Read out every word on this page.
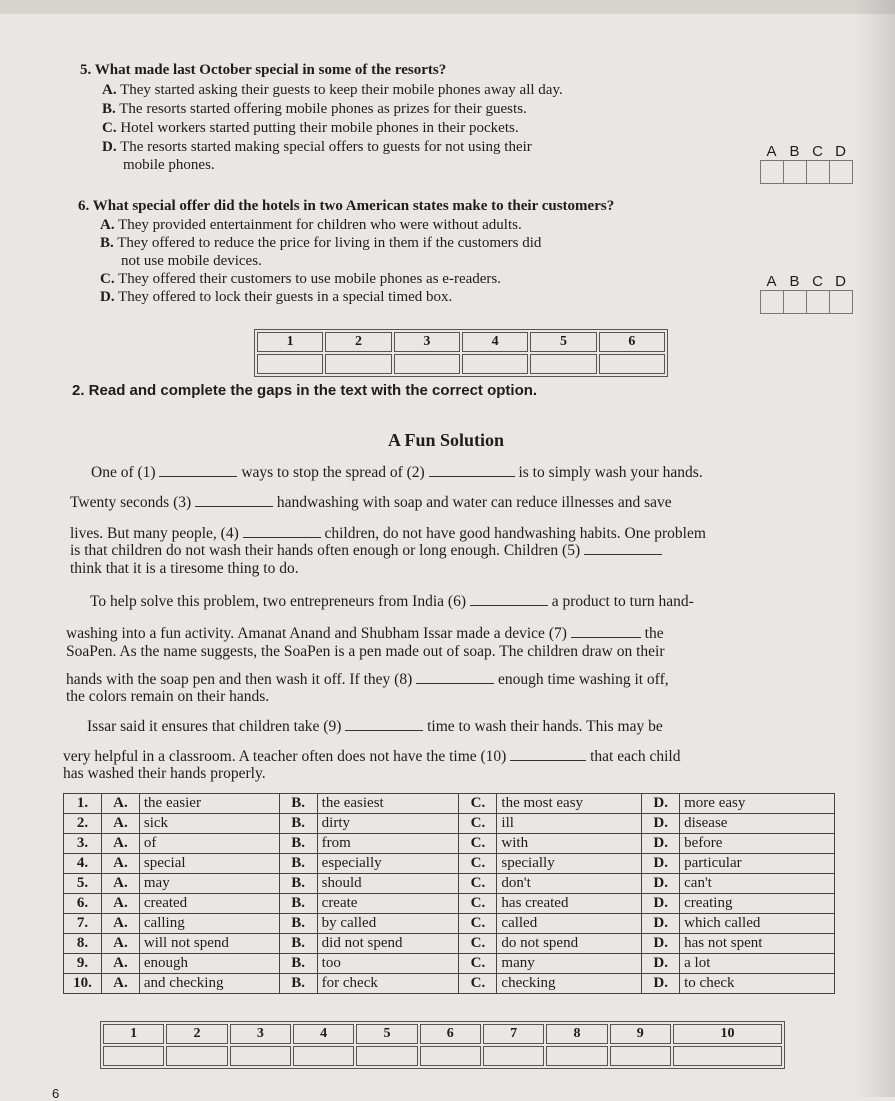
5. What made last October special in some of the resorts?
A. They started asking their guests to keep their mobile phones away all day.
B. The resorts started offering mobile phones as prizes for their guests.
C. Hotel workers started putting their mobile phones in their pockets.
D. The resorts started making special offers to guests for not using their
mobile phones.
A B C D
6. What special offer did the hotels in two American states make to their customers?
A. They provided entertainment for children who were without adults.
B. They offered to reduce the price for living in them if the customers did
not use mobile devices.
C. They offered their customers to use mobile phones as e-readers.
D. They offered to lock their guests in a special timed box.
A B C D
1	2	3	4	5	6

2. Read and complete the gaps in the text with the correct option.
A Fun Solution
One of (1)	ways to stop the spread of (2)	is to simply wash your hands.
Twenty seconds (3)	handwashing with soap and water can reduce illnesses and save
lives. But many people, (4)	children, do not have good handwashing habits. One problem
is that children do not wash their hands often enough or long enough. Children (5)
think that it is a tiresome thing to do.
To help solve this problem, two entrepreneurs from India (6)	a product to turn hand-
washing into a fun activity. Amanat Anand and Shubham Issar made a device (7)	the
SoaPen. As the name suggests, the SoaPen is a pen made out of soap. The children draw on their
hands with the soap pen and then wash it off. If they (8)	enough time washing it off,
the colors remain on their hands.
Issar said it ensures that children take (9)	time to wash their hands. This may be
very helpful in a classroom. A teacher often does not have the time (10)	that each child
has washed their hands properly.
1.	A.	the easier	B.	the easiest	C.	the most easy	D.	more easy
2.	A.	sick	B.	dirty	C.	ill	D.	disease
3.	A.	of	B.	from	C.	with	D.	before
4.	A.	special	B.	especially	C.	specially	D.	particular
5.	A.	may	B.	should	C.	don't	D.	can't
6.	A.	created	B.	create	C.	has created	D.	creating
7.	A.	calling	B.	by called	C.	called	D.	which called
8.	A.	will not spend	B.	did not spend	C.	do not spend	D.	has not spent
9.	A.	enough	B.	too	C.	many	D.	a lot
10.	A.	and checking	B.	for check	C.	checking	D.	to check
1	2	3	4	5	6	7	8	9	10

6
